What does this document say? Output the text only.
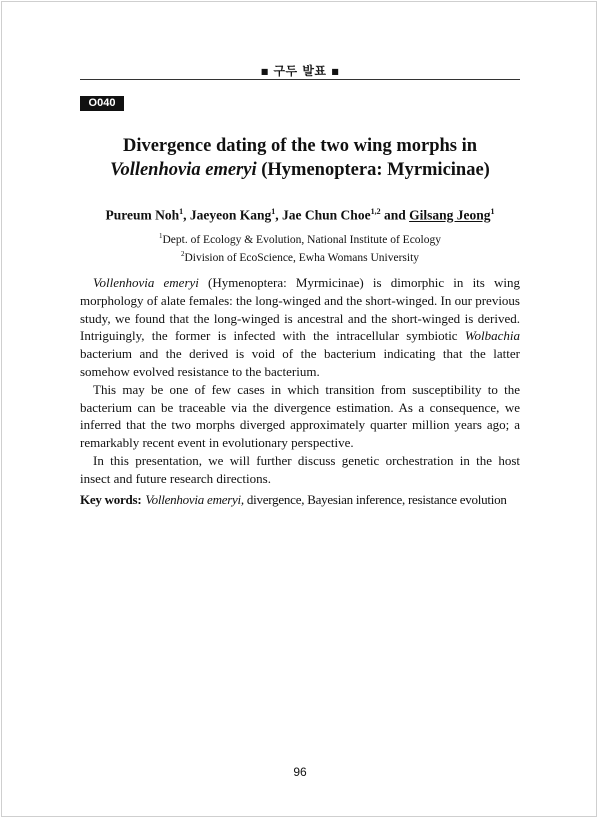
■ 구두 발표 ■
O040
Divergence dating of the two wing morphs in
Vollenhovia emeryi (Hymenoptera: Myrmicinae)
Pureum Noh$^1$, Jaeyeon Kang$^1$, Jae Chun Choe$^{1,2}$ and Gilsang Jeong$^1$
$^1$Dept. of Ecology & Evolution, National Institute of Ecology
$^2$Division of EcoScience, Ewha Womans University

Vollenhovia emeryi (Hymenoptera: Myrmicinae) is dimorphic in its wing morphology of alate females: the long-winged and the short-winged. In our previous study, we found that the long-winged is ancestral and the short-winged is derived. Intriguingly, the former is infected with the intracellular symbiotic Wolbachia bacterium and the derived is void of the bacterium indicating that the latter somehow evolved resistance to the bacterium.

This may be one of few cases in which transition from susceptibility to the bacterium can be traceable via the divergence estimation. As a consequence, we inferred that the two morphs diverged approximately quarter million years ago; a remarkably recent event in evolutionary perspective.

In this presentation, we will further discuss genetic orchestration in the host insect and future research directions.

Key words: Vollenhovia emeryi, divergence, Bayesian inference, resistance evolution
96
